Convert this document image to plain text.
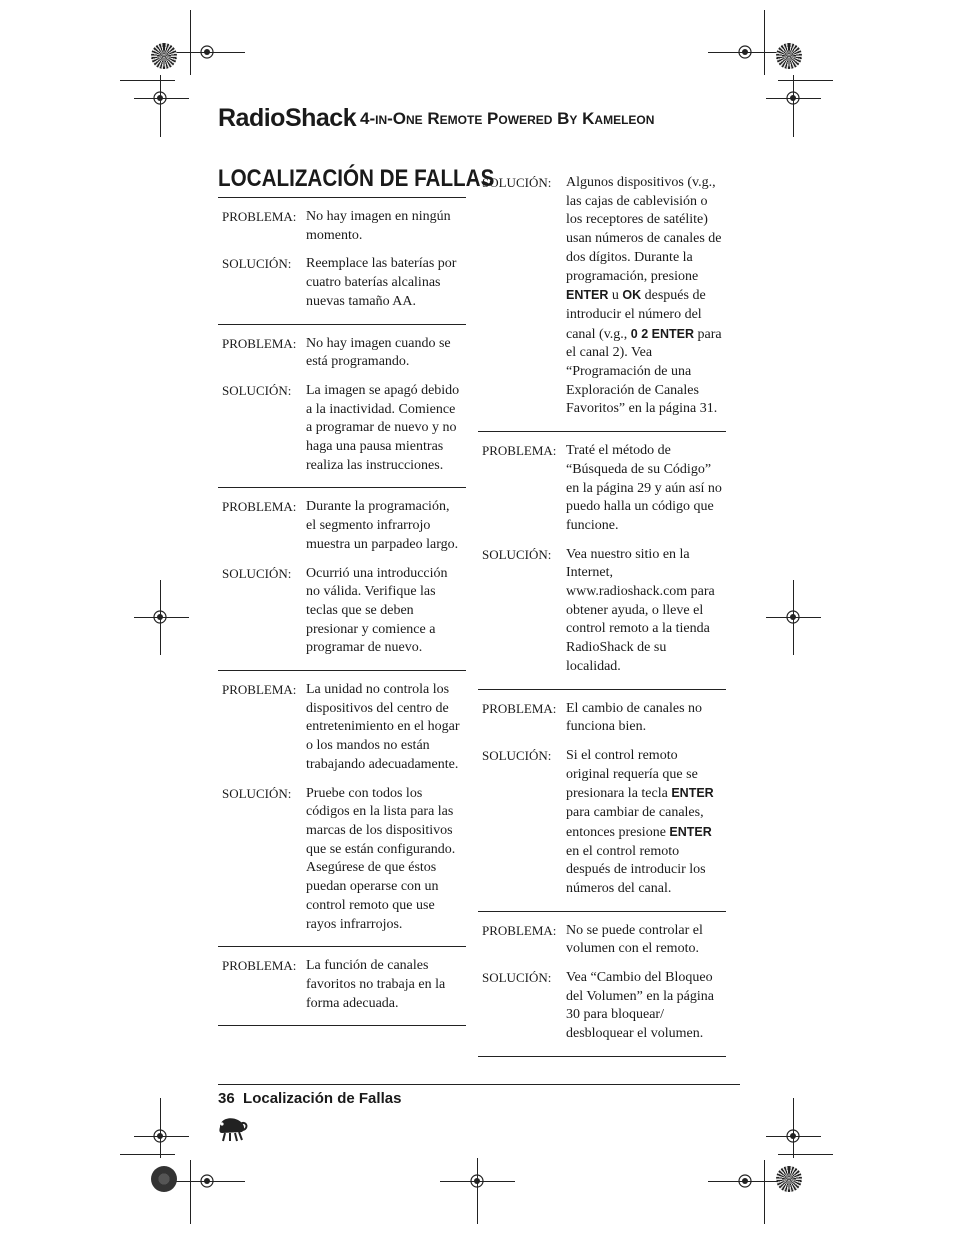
RadioShack 4-in-One Remote Powered By Kameleon
LOCALIZACIÓN DE FALLAS
PROBLEMA: No hay imagen en ningún momento.
SOLUCIÓN:	Reemplace las baterías por cuatro baterías alcalinas nuevas tamaño AA.
PROBLEMA: No hay imagen cuando se está programando.
SOLUCIÓN:	La imagen se apagó debido a la inactividad. Comience a programar de nuevo y no haga una pausa mientras realiza las instrucciones.
PROBLEMA: Durante la programación, el segmento infrarrojo muestra un parpadeo largo.
SOLUCIÓN:	Ocurrió una introducción no válida. Verifique las teclas que se deben presionar y comience a programar de nuevo.
PROBLEMA: La unidad no controla los dispositivos del centro de entretenimiento en el hogar o los mandos no están trabajando adecuadamente.
SOLUCIÓN:	Pruebe con todos los códigos en la lista para las marcas de los dispositivos que se están configurando. Asegúrese de que éstos puedan operarse con un control remoto que use rayos infrarrojos.
PROBLEMA: La función de canales favoritos no trabaja en la forma adecuada.
SOLUCIÓN:	Algunos dispositivos (v.g., las cajas de cablevisión o los receptores de satélite) usan números de canales de dos dígitos. Durante la programación, presione ENTER u OK después de introducir el número del canal (v.g., 0 2 ENTER para el canal 2). Vea “Programación de una Exploración de Canales Favoritos” en la página 31.
PROBLEMA: Traté el método de “Búsqueda de su Código” en la página 29 y aún así no puedo halla un código que funcione.
SOLUCIÓN:	Vea nuestro sitio en la Internet, www.radioshack.com para obtener ayuda, o lleve el control remoto a la tienda RadioShack de su localidad.
PROBLEMA: El cambio de canales no funciona bien.
SOLUCIÓN:	Si el control remoto original requería que se presionara la tecla ENTER para cambiar de canales, entonces presione ENTER en el control remoto después de introducir los números del canal.
PROBLEMA: No se puede controlar el volumen con el remoto.
SOLUCIÓN:	Vea “Cambio del Bloqueo del Volumen” en la página 30 para bloquear/ desbloquear el volumen.
36 Localización de Fallas
